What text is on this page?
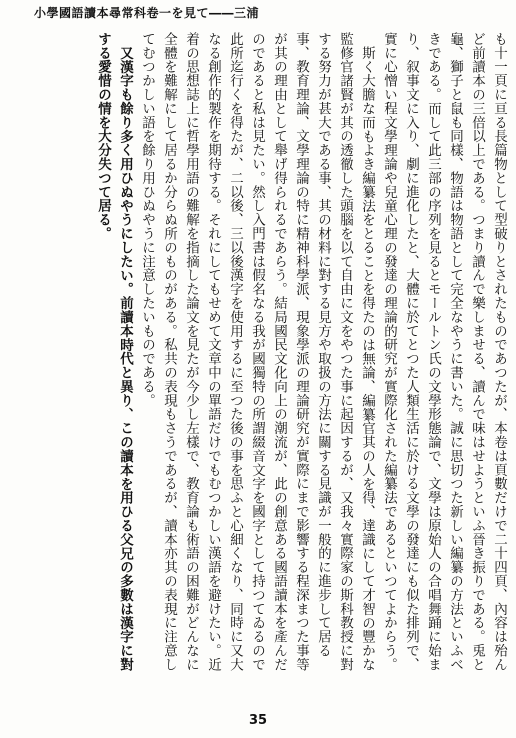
小學國語讀本尋常科卷一を見て――三浦

も十一頁に亘る長篇物として型破りとされたものであつたが、本卷は頁數だけで二十四頁、內容は殆んど前讀本の三倍以上である。つまり讀んで樂しませる、讀んで味はせようといふ晉き振りである。兎と龜、獅子と鼠も同樣、物語は物語として完全なやうに書いた。誠に思切つた新しい編纂の方法といふべきである。而して此三部の序列を見るとモールトン氏の文學形態論で、文學は原始人の合唱舞踊に始まり、叙事文に入り、劇に進化したと、大體に於てとつた人類生活に於ける文學の發達にも似た排列で、實に心憎い程文學理論や兒童心理の發達の理論的研究が實際化された編纂法であるといつてよからう。

斯く大膽な而もよき編纂法をとることを得たのは無論、編纂官其の人を得、達識にして才智の豐かな監修官諸賢が其の透徹した頭腦を以て自由に文をやつた事に起因するが、又我々實際家の斯科教授に對する努力が甚大である事、其の材料に對する見方や取扱の方法に關する見識が一般的に進步して居る事、教育理論、文學理論の特に精神科學派、現象學派の理論研究が實際にまで影響する程深まつた事等が其の理由として舉げ得られるであらう。結局國民文化向上の潮流が、此の創意ある國語讀本を產んだのであると私は見たい。然し入門書は假名なる我が國獨特の所謂綴音文字を國字として持つてゐるので此所迄行くを得たが、二以後、三以後漢字を使用するに至つた後の事を思ふと心細くなり、同時に又大なる創作的製作を期待する。それにしてもせめて文章中の單語だけでもむつかしい漢語を避けたい。近着の思想誌上に哲學用語の難解を指摘した論文を見たが今少し左樣で、教育論も術語の困難がどんなに全體を難解にして居るか分らぬ所のものがある。私共の表現もさうであるが、讀本亦其の表現に注意してむつかしい語を餘り用ひぬやうに注意したいものである。

又漢字も餘り多く用ひぬやうにしたい。前讀本時代と異り、この讀本を用ひる父兄の多數は漢字に對する愛惜の情を大分失つて居る。

35
